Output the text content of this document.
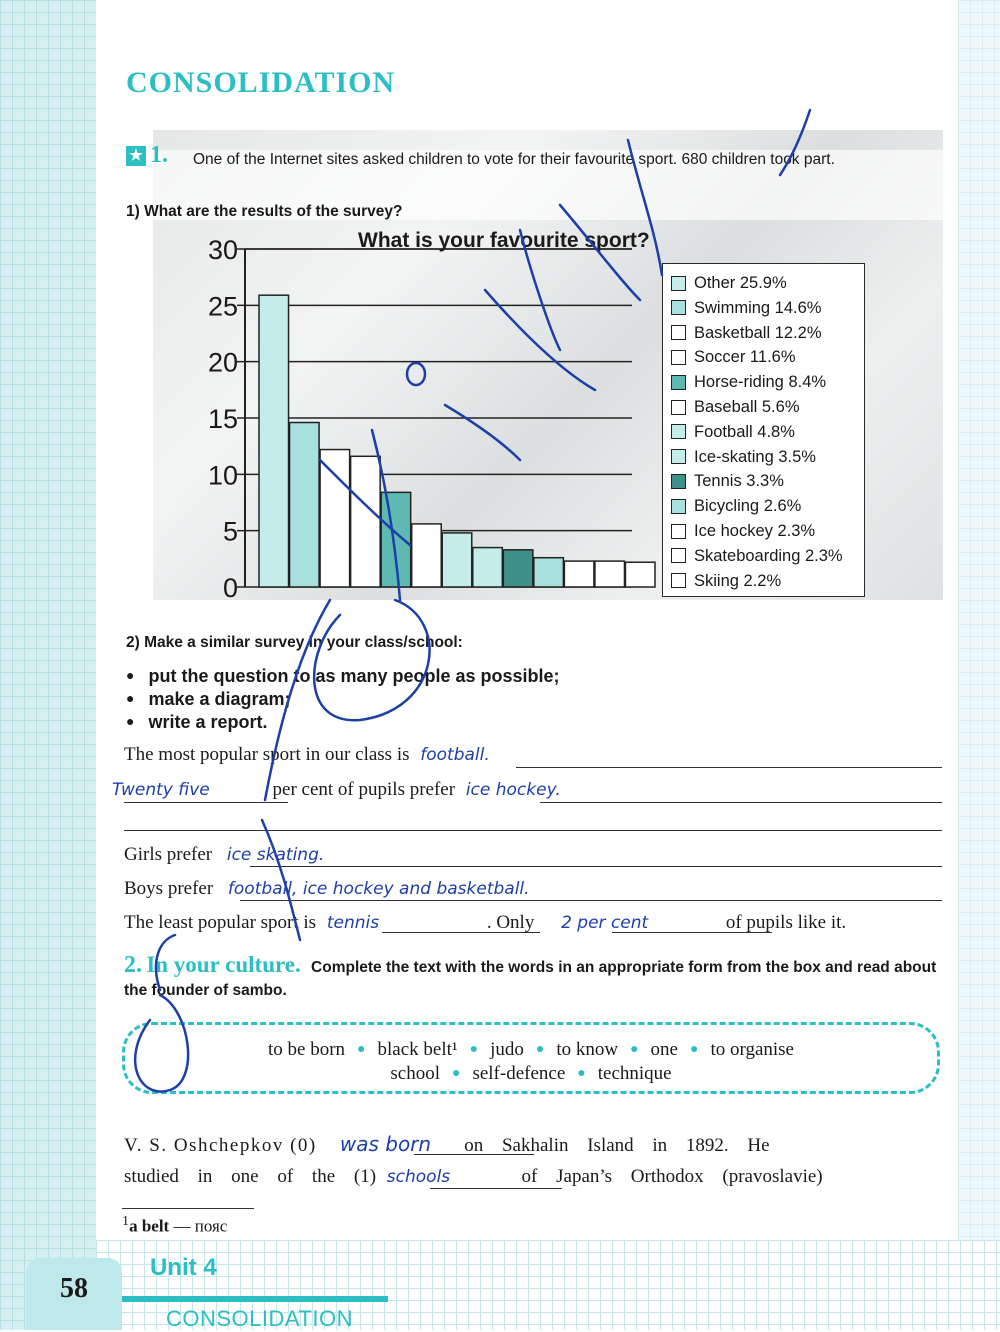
CONSOLIDATION
★ 1.	One of the Internet sites asked children to vote for their favourite sport. 680 children took part.
1) What are the results of the survey?
What is your favourite sport?
30
25
20
15
10
5
0
Other 25.9%
Swimming 14.6%
Basketball 12.2%
Soccer 11.6%
Horse-riding 8.4%
Baseball 5.6%
Football 4.8%
Ice-skating 3.5%
Tennis 3.3%
Bicycling 2.6%
Ice hockey 2.3%
Skateboarding 2.3%
Skiing 2.2%
2) Make a similar survey in your class/school:
● put the question to as many people as possible;
● make a diagram;
● write a report.
The most popular sport in our class is football.
Twenty five	per cent of pupils prefer ice hockey.
Girls prefer ice skating.
Boys prefer football, ice hockey and basketball.
The least popular sport is tennis	. Only 2 per cent	of pupils like it.
2. In your culture. Complete the text with the words in an appropriate form from the box and read about the founder of sambo.
to be born ● black belt¹ ● judo ● to know ● one ● to organise
school ● self-defence ● technique
V. S. Oshchepkov (0) was born on Sakhalin Island in 1892. He
studied in one of the (1) schools	of Japan’s Orthodox (pravoslavie)
$^1$a belt — пояс
58
Unit 4
CONSOLIDATION
